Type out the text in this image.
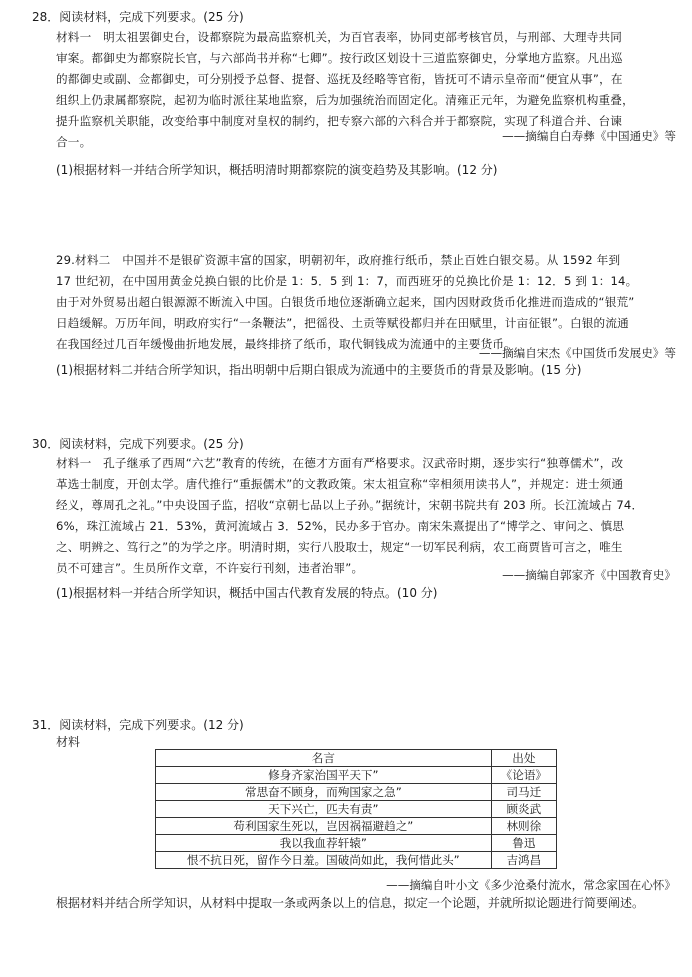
28．阅读材料，完成下列要求。(25 分)
材料一　明太祖罢御史台，设都察院为最高监察机关，为百官表率，协同吏部考核官员，与刑部、大理寺共同
审案。都御史为都察院长官，与六部尚书并称“七卿”。按行政区划设十三道监察御史，分掌地方监察。凡出巡
的都御史或副、佥都御史，可分别授予总督、提督、巡抚及经略等官衔，皆抚可不请示皇帝而“便宜从事”，在
组织上仍隶属都察院，起初为临时派往某地监察，后为加强统治而固定化。清雍正元年，为避免监察机构重叠，
提升监察机关职能，改变给事中制度对皇权的制约，把专察六部的六科合并于都察院，实现了科道合并、台谏
合一。	——摘编自白寿彝《中国通史》等
(1)根据材料一并结合所学知识，概括明清时期都察院的演变趋势及其影响。(12 分)
29.材料二　中国并不是银矿资源丰富的国家，明朝初年，政府推行纸币，禁止百姓白银交易。从 1592 年到
17 世纪初，在中国用黄金兑换白银的比价是 1：5．5 到 1：7，而西班牙的兑换比价是 1：12．5 到 1：14。
由于对外贸易出超白银源源不断流入中国。白银货币地位逐渐确立起来，国内因财政货币化推进而造成的“银荒”
日趋缓解。万历年间，明政府实行“一条鞭法”，把徭役、土贡等赋役都归并在田赋里，计亩征银”。白银的流通
在我国经过几百年缓慢曲折地发展，最终排挤了纸币，取代铜钱成为流通中的主要货币。
——摘编自宋杰《中国货币发展史》等
(1)根据材料二并结合所学知识，指出明朝中后期白银成为流通中的主要货币的背景及影响。(15 分)
30．阅读材料，完成下列要求。(25 分)
材料一　孔子继承了西周“六艺”教育的传统，在德才方面有严格要求。汉武帝时期，逐步实行“独尊儒术”，改
革选士制度，开创太学。唐代推行“重振儒术”的文教政策。宋太祖宣称“宰相须用读书人”，并规定：进士须通
经义，尊周孔之礼。”中央设国子监，招收“京朝七品以上子孙。”据统计，宋朝书院共有 203 所。长江流域占 74．
6%，珠江流域占 21．53%，黄河流域占 3．52%，民办多于官办。南宋朱熹提出了“博学之、审问之、慎思
之、明辨之、笃行之”的为学之序。明清时期，实行八股取士，规定“一切军民利病，农工商贾皆可言之，唯生
员不可建言”。生员所作文章，不许妄行刊刻，违者治罪”。	——摘编自郭家齐《中国教育史》
(1)根据材料一并结合所学知识，概括中国古代教育发展的特点。(10 分)
31．阅读材料，完成下列要求。(12 分)
材料
名言	出处
修身齐家治国平天下”	《论语》
常思奋不顾身，而殉国家之急”	司马迁
天下兴亡，匹夫有责”	顾炎武
苟利国家生死以，岂因祸福避趋之”	林则徐
我以我血荐轩辕”	鲁迅
恨不抗日死，留作今日羞。国破尚如此，我何惜此头”	吉鸿昌
——摘编自叶小文《多少沧桑付流水，常念家国在心怀》
根据材料并结合所学知识，从材料中提取一条或两条以上的信息，拟定一个论题，并就所拟论题进行简要阐述。
